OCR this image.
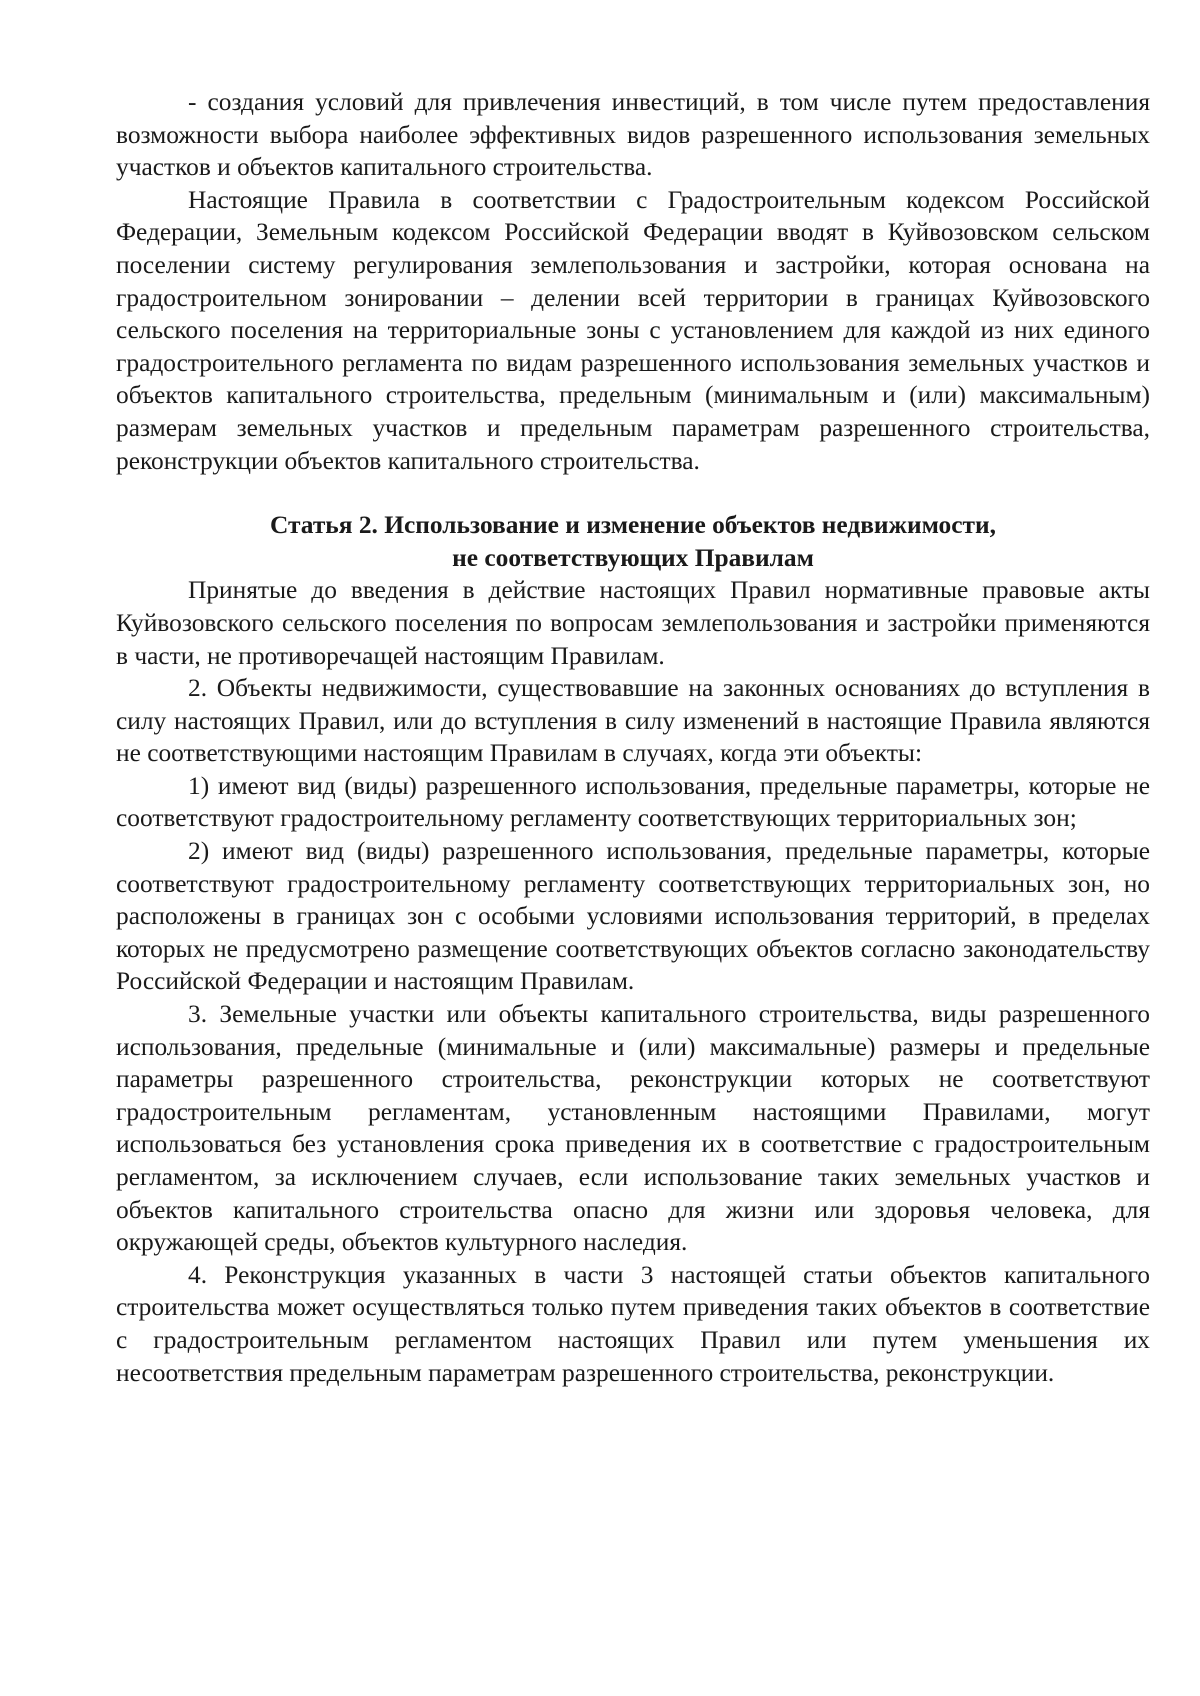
- создания условий для привлечения инвестиций, в том числе путем предоставления возможности выбора наиболее эффективных видов разрешенного использования земельных участков и объектов капитального строительства.

Настоящие Правила в соответствии с Градостроительным кодексом Российской Федерации, Земельным кодексом Российской Федерации вводят в Куйвозовском сельском поселении систему регулирования землепользования и застройки, которая основана на градостроительном зонировании – делении всей территории в границах Куйвозовского сельского поселения на территориальные зоны с установлением для каждой из них единого градостроительного регламента по видам разрешенного использования земельных участков и объектов капитального строительства, предельным (минимальным и (или) максимальным) размерам земельных участков и предельным параметрам разрешенного строительства, реконструкции объектов капитального строительства.

Статья 2. Использование и изменение объектов недвижимости,
не соответствующих Правилам

Принятые до введения в действие настоящих Правил нормативные правовые акты Куйвозовского сельского поселения по вопросам землепользования и застройки применяются в части, не противоречащей настоящим Правилам.

2. Объекты недвижимости, существовавшие на законных основаниях до вступления в силу настоящих Правил, или до вступления в силу изменений в настоящие Правила являются не соответствующими настоящим Правилам в случаях, когда эти объекты:

1) имеют вид (виды) разрешенного использования, предельные параметры, которые не соответствуют градостроительному регламенту соответствующих территориальных зон;

2) имеют вид (виды) разрешенного использования, предельные параметры, которые соответствуют градостроительному регламенту соответствующих территориальных зон, но расположены в границах зон с особыми условиями использования территорий, в пределах которых не предусмотрено размещение соответствующих объектов согласно законодательству Российской Федерации и настоящим Правилам.

3. Земельные участки или объекты капитального строительства, виды разрешенного использования, предельные (минимальные и (или) максимальные) размеры и предельные параметры разрешенного строительства, реконструкции которых не соответствуют градостроительным регламентам, установленным настоящими Правилами, могут использоваться без установления срока приведения их в соответствие с градостроительным регламентом, за исключением случаев, если использование таких земельных участков и объектов капитального строительства опасно для жизни или здоровья человека, для окружающей среды, объектов культурного наследия.

4. Реконструкция указанных в части 3 настоящей статьи объектов капитального строительства может осуществляться только путем приведения таких объектов в соответствие с градостроительным регламентом настоящих Правил или путем уменьшения их несоответствия предельным параметрам разрешенного строительства, реконструкции.
